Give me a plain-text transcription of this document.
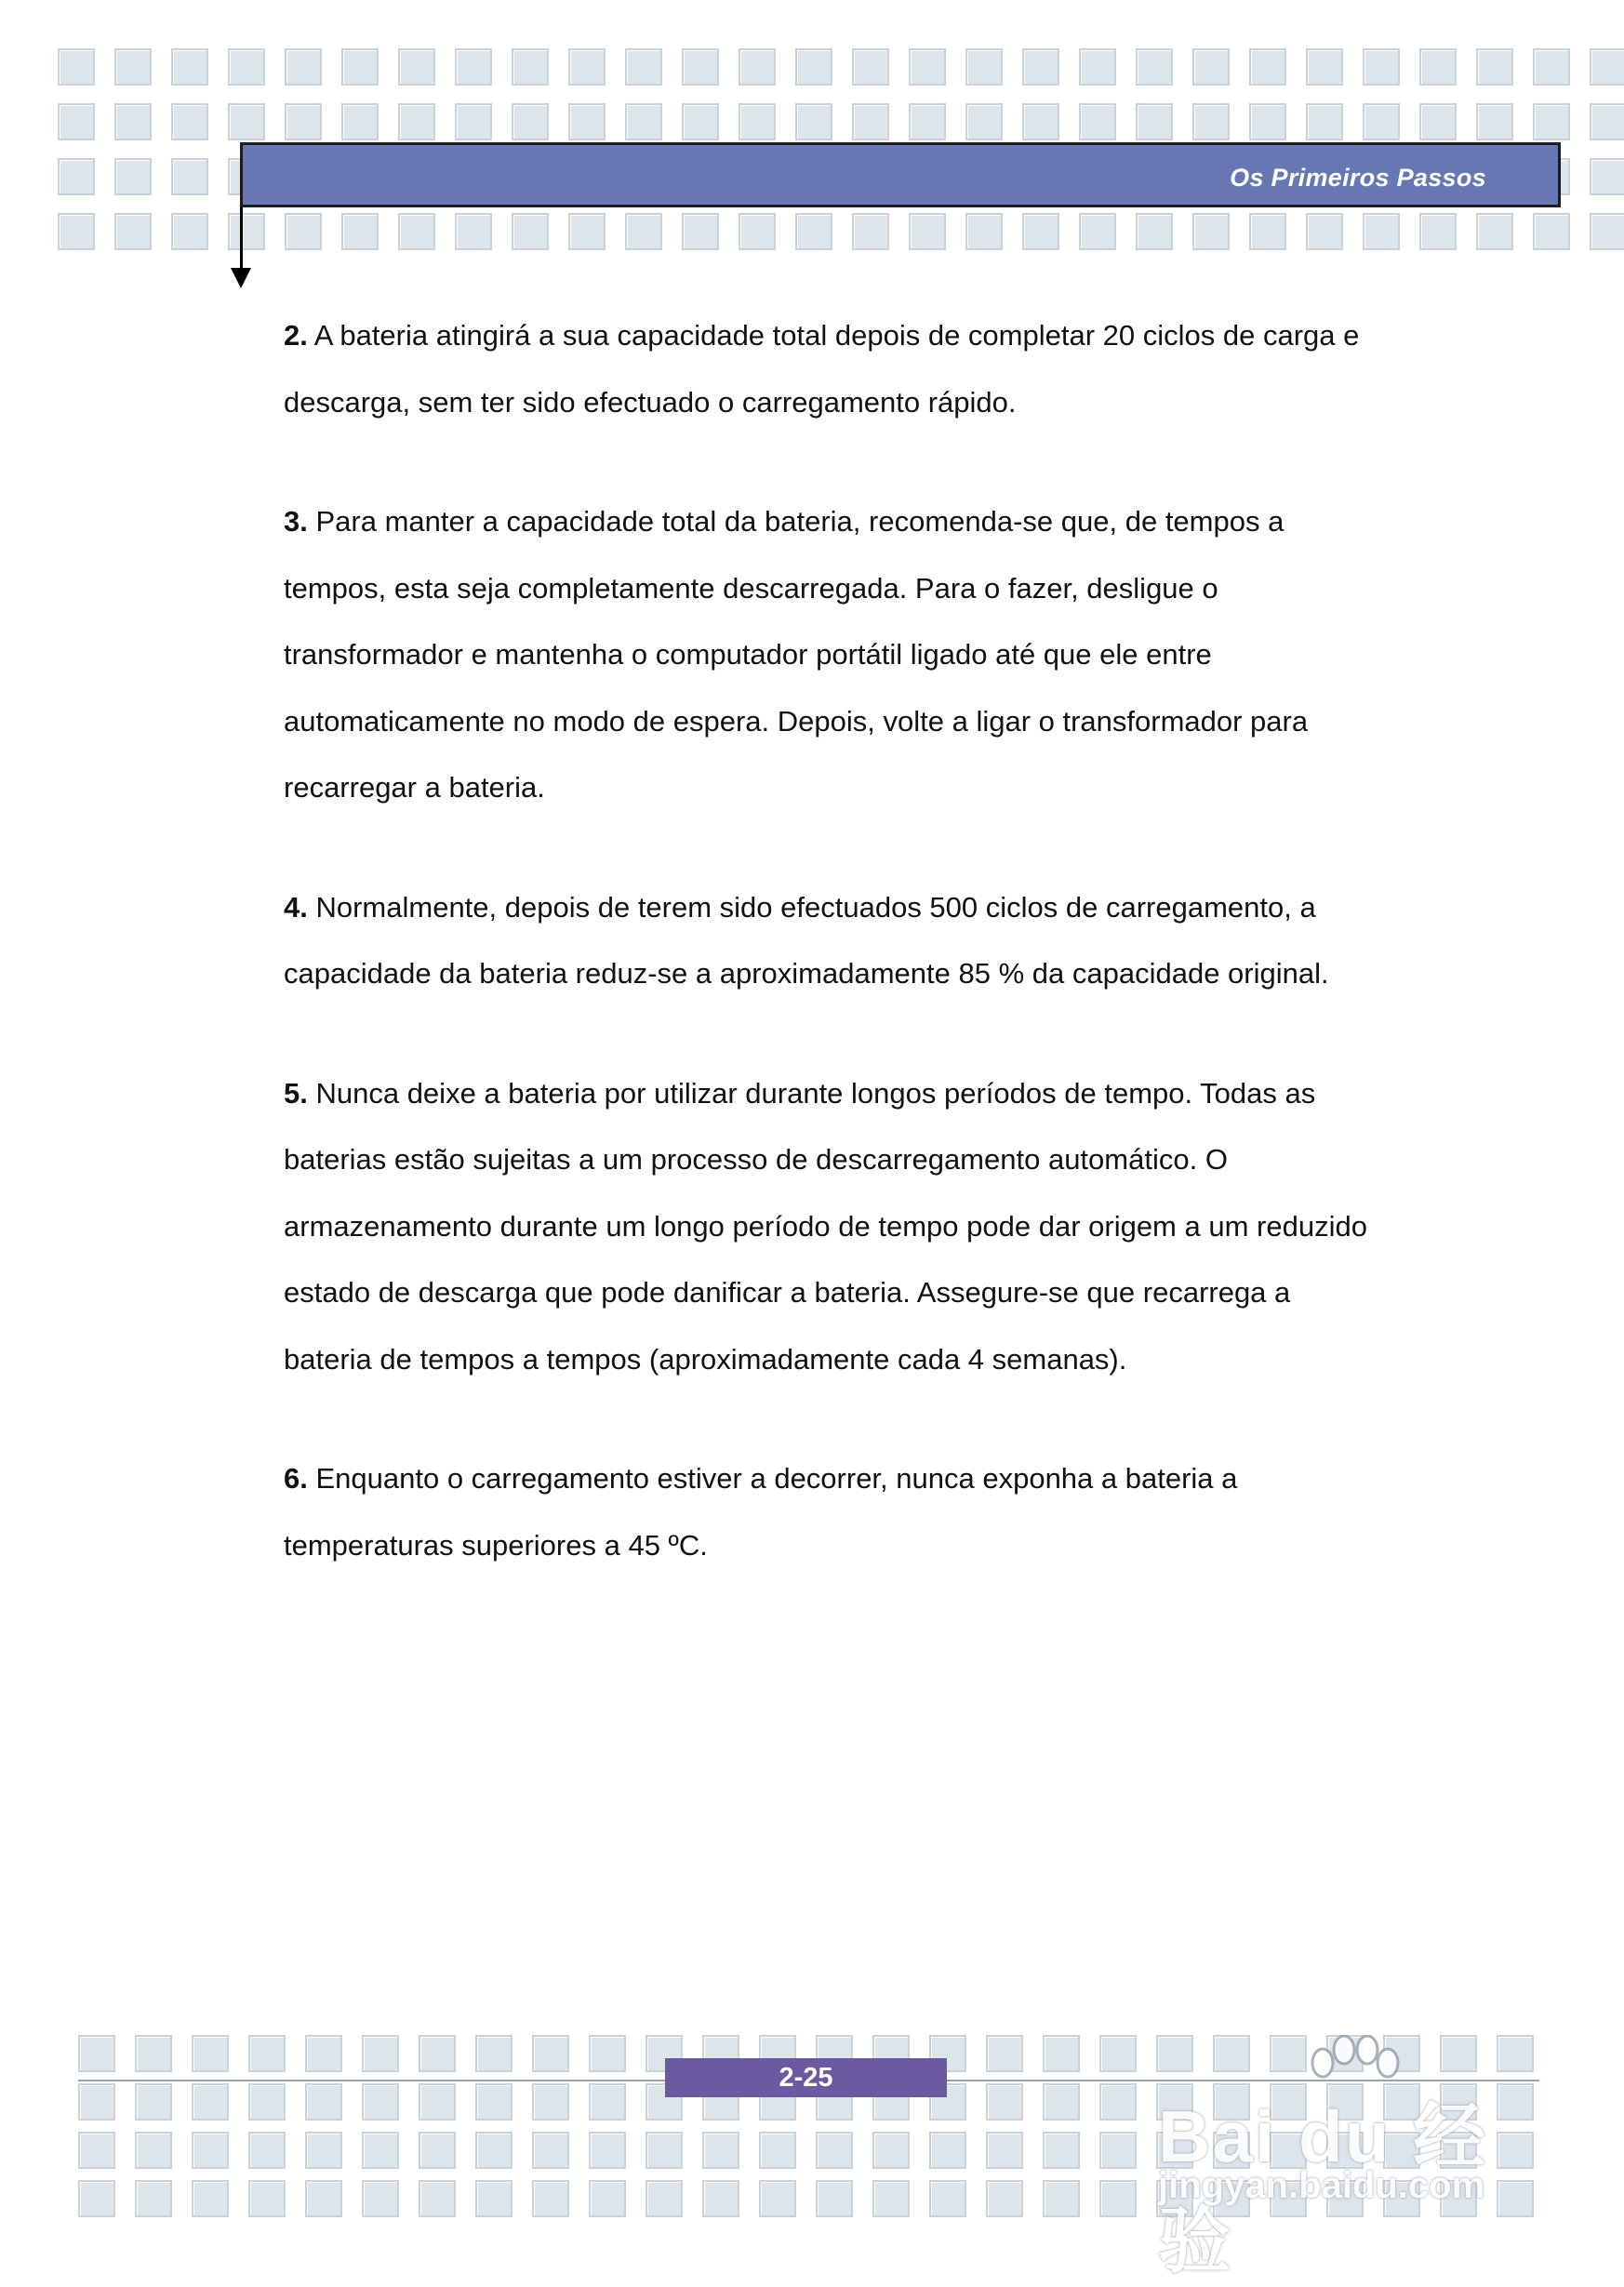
Os Primeiros Passos

2. A bateria atingirá a sua capacidade total depois de completar 20 ciclos de carga e descarga, sem ter sido efectuado o carregamento rápido.

3. Para manter a capacidade total da bateria, recomenda-se que, de tempos a tempos, esta seja completamente descarregada. Para o fazer, desligue o transformador e mantenha o computador portátil ligado até que ele entre automaticamente no modo de espera. Depois, volte a ligar o transformador para recarregar a bateria.

4. Normalmente, depois de terem sido efectuados 500 ciclos de carregamento, a capacidade da bateria reduz-se a aproximadamente 85 % da capacidade original.

5. Nunca deixe a bateria por utilizar durante longos períodos de tempo. Todas as baterias estão sujeitas a um processo de descarregamento automático. O armazenamento durante um longo período de tempo pode dar origem a um reduzido estado de descarga que pode danificar a bateria. Assegure-se que recarrega a bateria de tempos a tempos (aproximadamente cada 4 semanas).

6. Enquanto o carregamento estiver a decorrer, nunca exponha a bateria a temperaturas superiores a 45 ºC.

2-25
Bai du 经验
jingyan.baidu.com
